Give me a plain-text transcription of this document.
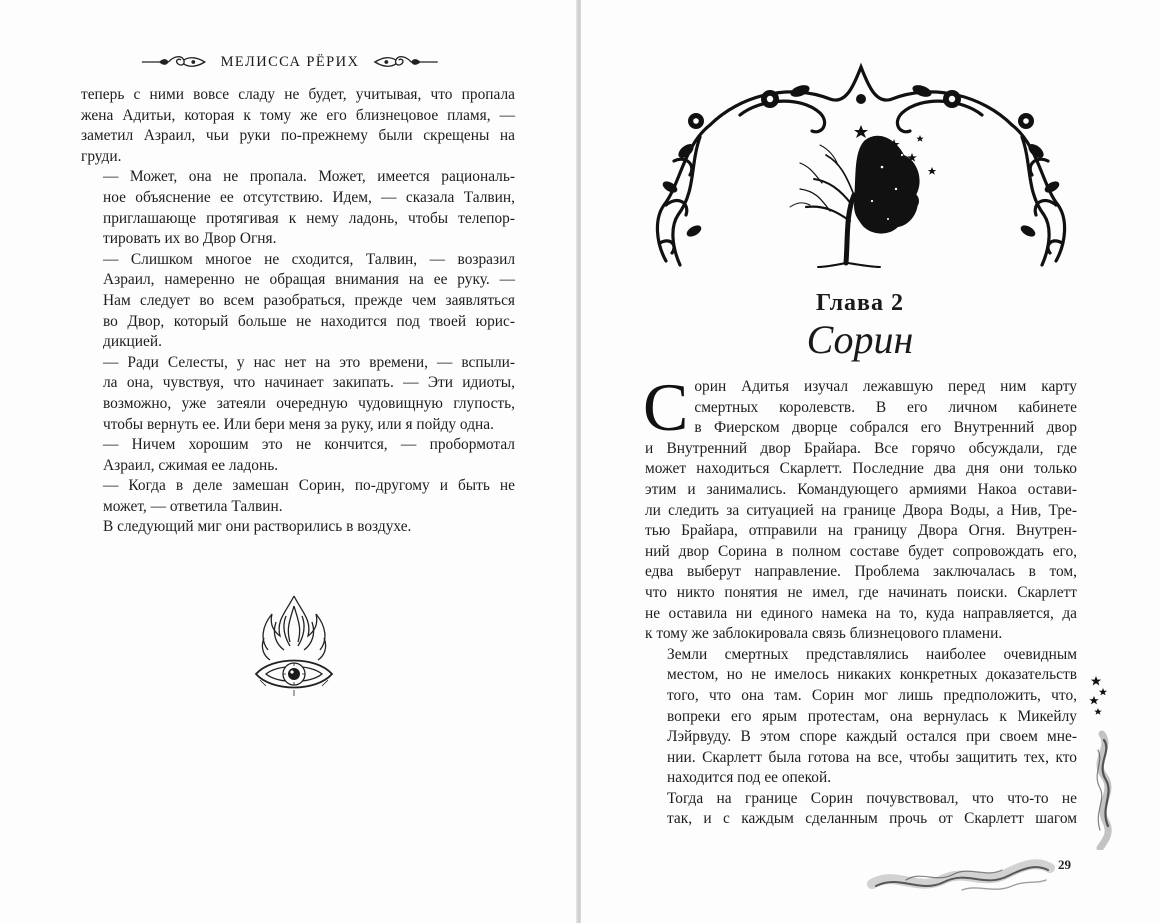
МЕЛИССА РЁРИХ
теперь с ними вовсе сладу не будет, учитывая, что пропала
жена Адитьи, которая к тому же его близнецовое пламя, —
заметил Азраил, чьи руки по-прежнему были скрещены на
груди.
— Может, она не пропала. Может, имеется рациональ-
ное объяснение ее отсутствию. Идем, — сказала Талвин,
приглашающе протягивая к нему ладонь, чтобы телепор-
тировать их во Двор Огня.
— Слишком многое не сходится, Талвин, — возразил
Азраил, намеренно не обращая внимания на ее руку. —
Нам следует во всем разобраться, прежде чем заявляться
во Двор, который больше не находится под твоей юрис-
дикцией.
— Ради Селесты, у нас нет на это времени, — вспыли-
ла она, чувствуя, что начинает закипать. — Эти идиоты,
возможно, уже затеяли очередную чудовищную глупость,
чтобы вернуть ее. Или бери меня за руку, или я пойду одна.
— Ничем хорошим это не кончится, — пробормотал
Азраил, сжимая ее ладонь.
— Когда в деле замешан Сорин, по-другому и быть не
может, — ответила Талвин.
В следующий миг они растворились в воздухе.
Глава 2
Сорин
С орин Адитья изучал лежавшую перед ним карту
смертных королевств. В его личном кабинете
в Фиерском дворце собрался его Внутренний двор
и Внутренний двор Брайара. Все горячо обсуждали, где
может находиться Скарлетт. Последние два дня они только
этим и занимались. Командующего армиями Накоа остави-
ли следить за ситуацией на границе Двора Воды, а Нив, Тре-
тью Брайара, отправили на границу Двора Огня. Внутрен-
ний двор Сорина в полном составе будет сопровождать его,
едва выберут направление. Проблема заключалась в том,
что никто понятия не имел, где начинать поиски. Скарлетт
не оставила ни единого намека на то, куда направляется, да
к тому же заблокировала связь близнецового пламени.
Земли смертных представлялись наиболее очевидным
местом, но не имелось никаких конкретных доказательств
того, что она там. Сорин мог лишь предположить, что,
вопреки его ярым протестам, она вернулась к Микейлу
Лэйрвуду. В этом споре каждый остался при своем мне-
нии. Скарлетт была готова на все, чтобы защитить тех, кто
находится под ее опекой.
Тогда на границе Сорин почувствовал, что что-то не
так, и с каждым сделанным прочь от Скарлетт шагом
29
